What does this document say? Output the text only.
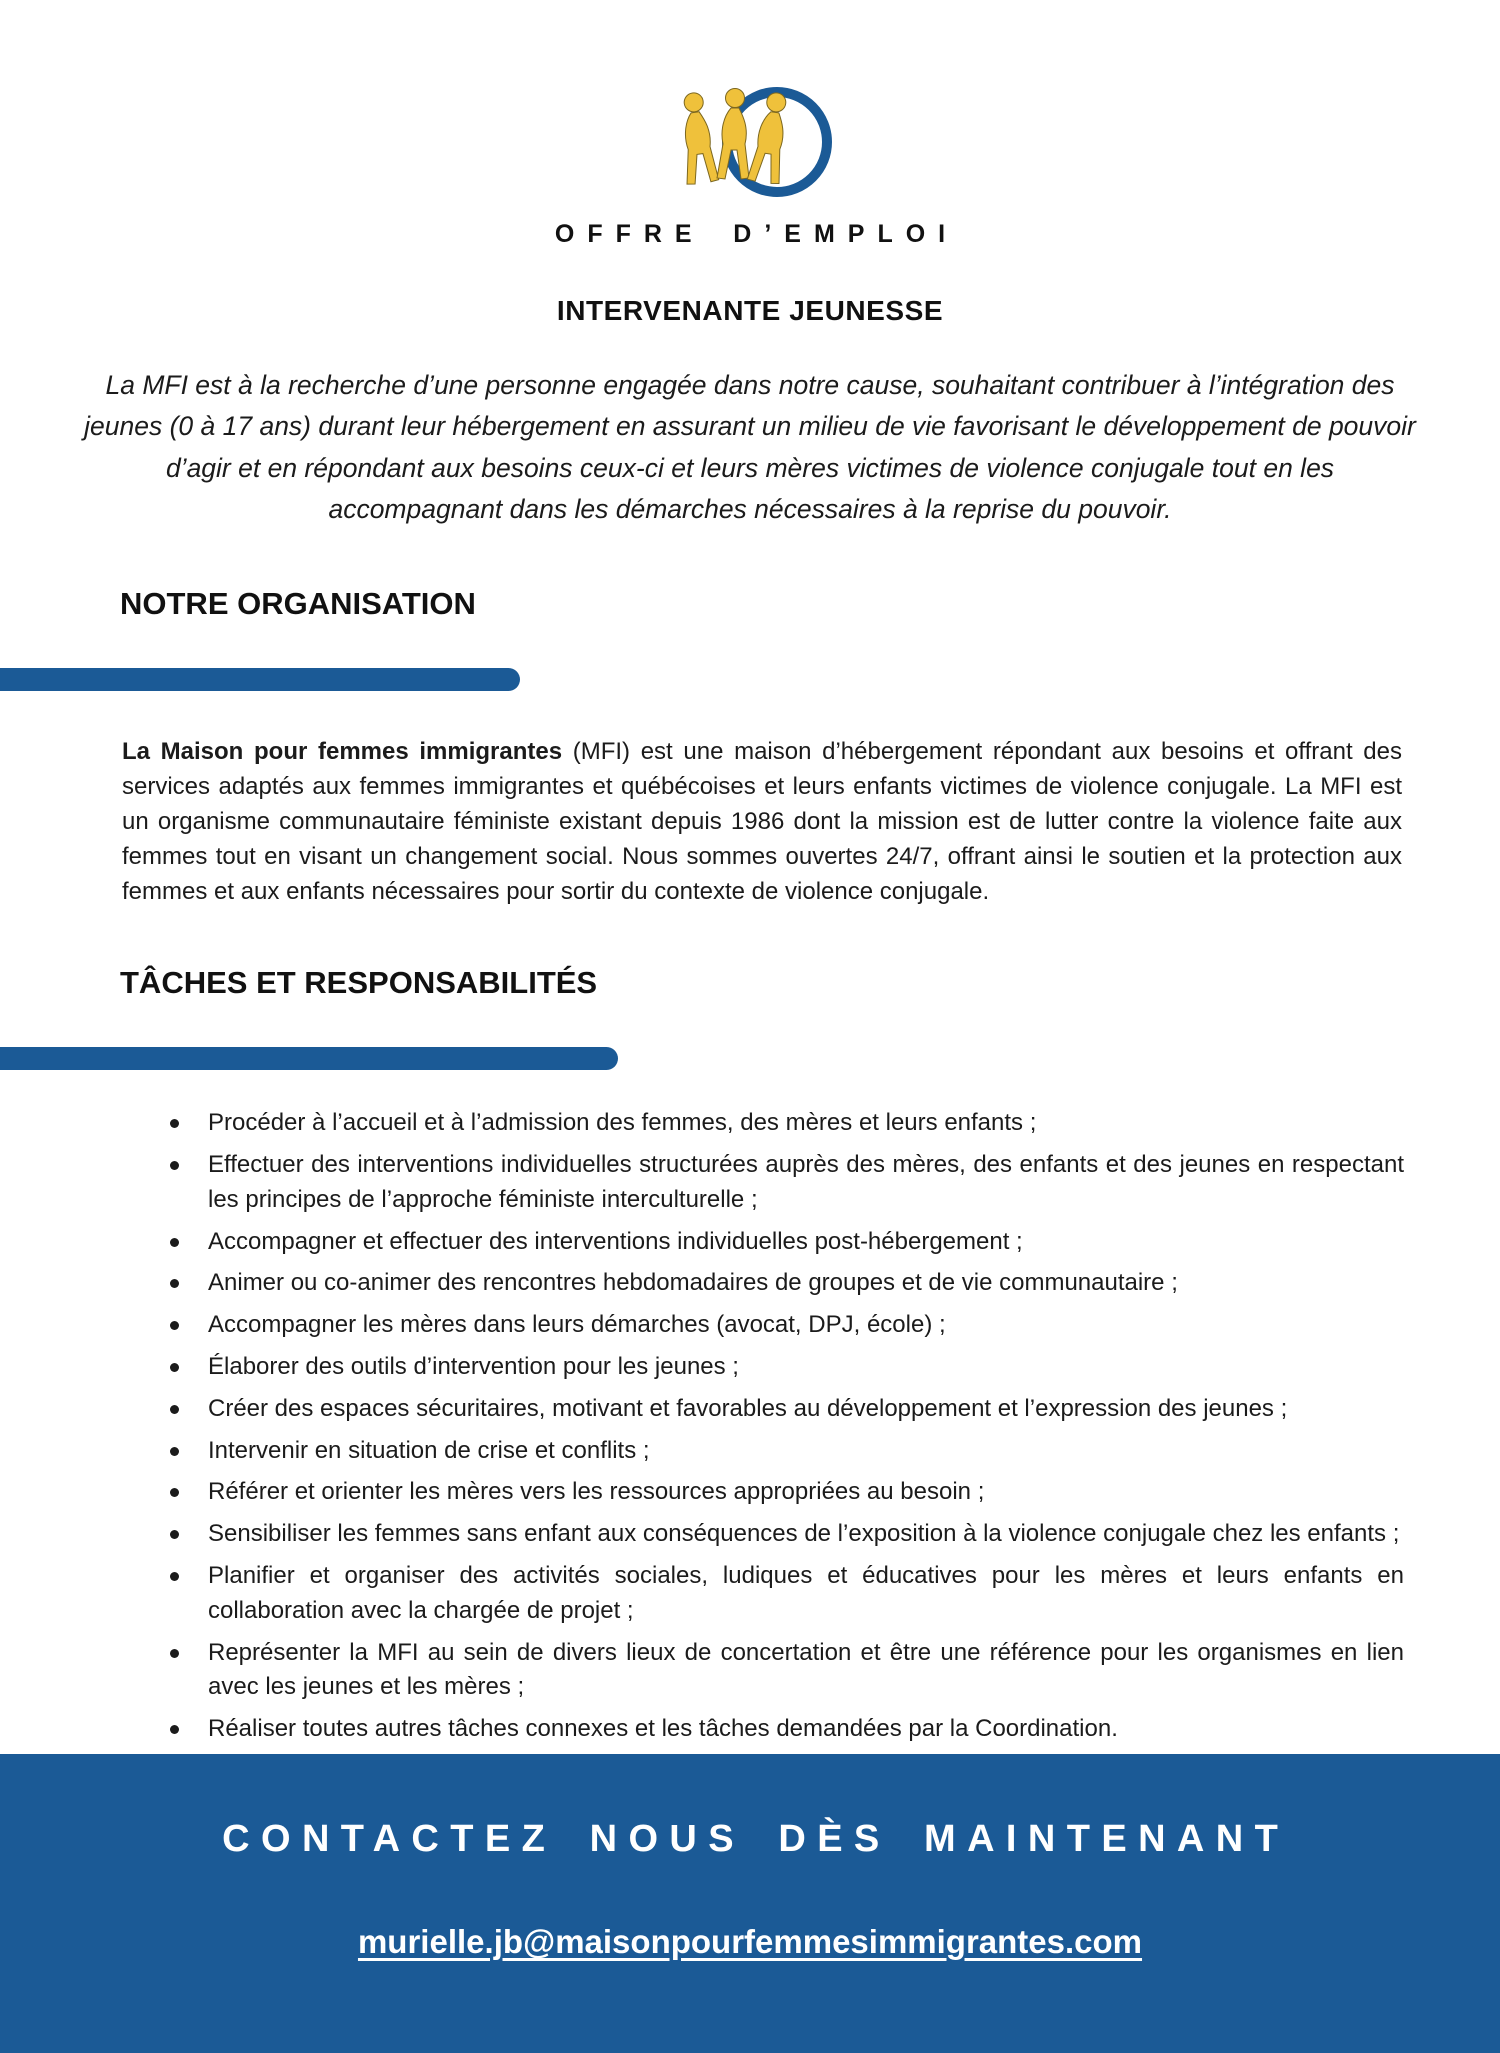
OFFRE D’EMPLOI
INTERVENANTE JEUNESSE

La MFI est à la recherche d’une personne engagée dans notre cause, souhaitant contribuer à l’intégration des jeunes (0 à 17 ans) durant leur hébergement en assurant un milieu de vie favorisant le développement de pouvoir d’agir et en répondant aux besoins ceux-ci et leurs mères victimes de violence conjugale tout en les accompagnant dans les démarches nécessaires à la reprise du pouvoir.

NOTRE ORGANISATION

La Maison pour femmes immigrantes (MFI) est une maison d’hébergement répondant aux besoins et offrant des services adaptés aux femmes immigrantes et québécoises et leurs enfants victimes de violence conjugale. La MFI est un organisme communautaire féministe existant depuis 1986 dont la mission est de lutter contre la violence faite aux femmes tout en visant un changement social. Nous sommes ouvertes 24/7, offrant ainsi le soutien et la protection aux femmes et aux enfants nécessaires pour sortir du contexte de violence conjugale.

TÂCHES ET RESPONSABILITÉS
Procéder à l’accueil et à l’admission des femmes, des mères et leurs enfants ;
Effectuer des interventions individuelles structurées auprès des mères, des enfants et des jeunes en respectant les principes de l’approche féministe interculturelle ;
Accompagner et effectuer des interventions individuelles post-hébergement ;
Animer ou co-animer des rencontres hebdomadaires de groupes et de vie communautaire ;
Accompagner les mères dans leurs démarches (avocat, DPJ, école) ;
Élaborer des outils d’intervention pour les jeunes ;
Créer des espaces sécuritaires, motivant et favorables au développement et l’expression des jeunes ;
Intervenir en situation de crise et conflits ;
Référer et orienter les mères vers les ressources appropriées au besoin ;
Sensibiliser les femmes sans enfant aux conséquences de l’exposition à la violence conjugale chez les enfants ;
Planifier et organiser des activités sociales, ludiques et éducatives pour les mères et leurs enfants en collaboration avec la chargée de projet ;
Représenter la MFI au sein de divers lieux de concertation et être une référence pour les organismes en lien avec les jeunes et les mères ;
Réaliser toutes autres tâches connexes et les tâches demandées par la Coordination.
CONTACTEZ NOUS DÈS MAINTENANT

murielle.jb@maisonpourfemmesimmigrantes.com
